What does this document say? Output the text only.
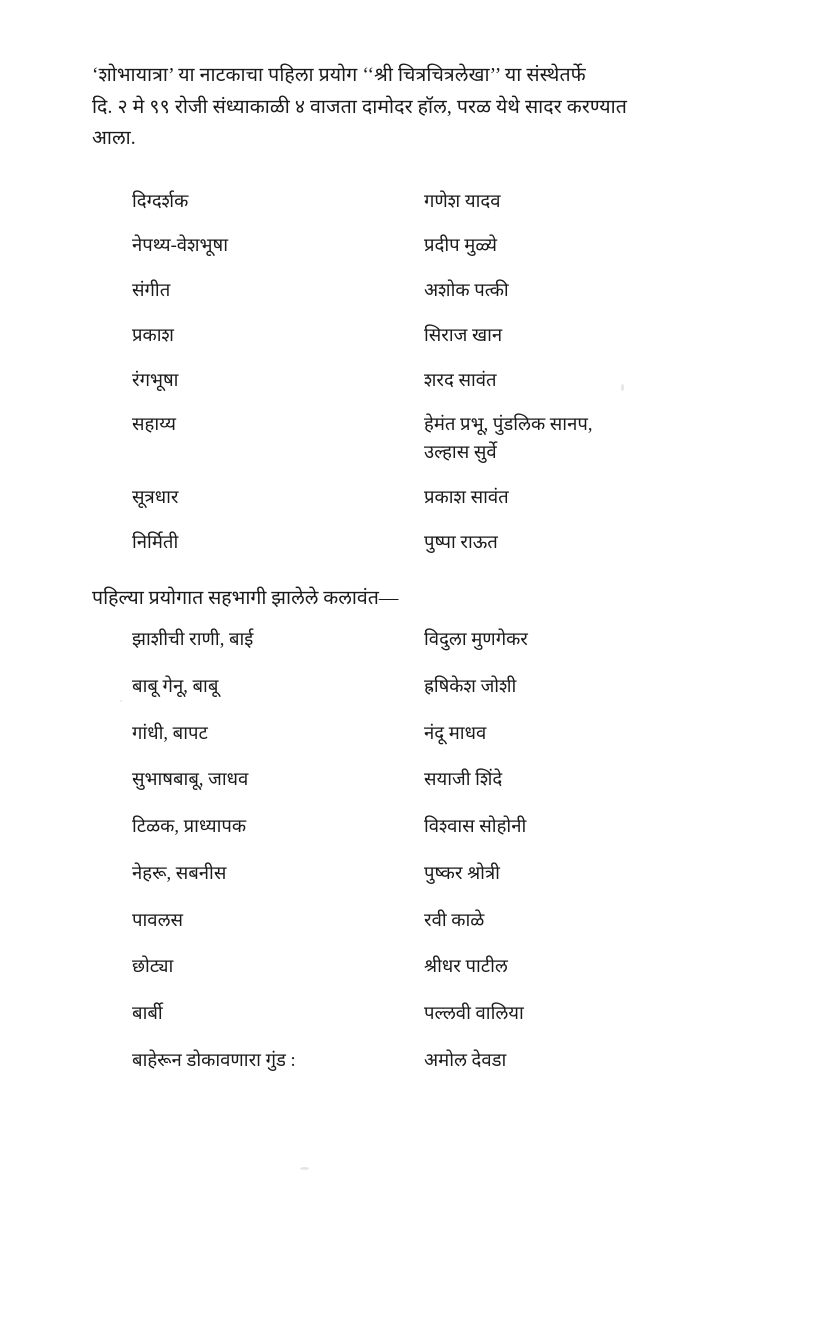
‘शोभायात्रा’ या नाटकाचा पहिला प्रयोग ‘‘श्री चित्रचित्रलेखा’’ या संस्थेतर्फे
दि. २ मे ९९ रोजी संध्याकाळी ४ वाजता दामोदर हॉल, परळ येथे सादर करण्यात
आला.

दिग्दर्शक	गणेश यादव
नेपथ्य-वेशभूषा	प्रदीप मुळ्ये
संगीत	अशोक पत्की
प्रकाश	सिराज खान
रंगभूषा	शरद सावंत
सहाय्य	हेमंत प्रभू, पुंडलिक सानप,
उल्हास सुर्वे

सूत्रधार	प्रकाश सावंत
निर्मिती	पुष्पा राऊत

पहिल्या प्रयोगात सहभागी झालेले कलावंत—

झाशीची राणी, बाई	विदुला मुणगेकर
बाबू गेनू, बाबू	ह्रषिकेश जोशी
गांधी, बापट	नंदू माधव
सुभाषबाबू, जाधव	सयाजी शिंदे
टिळक, प्राध्यापक	विश्वास सोहोनी
नेहरू, सबनीस	पुष्कर श्रोत्री
पावलस	रवी काळे
छोट्या	श्रीधर पाटील
बार्बी	पल्लवी वालिया
बाहेरून डोकावणारा गुंड :	अमोल देवडा
